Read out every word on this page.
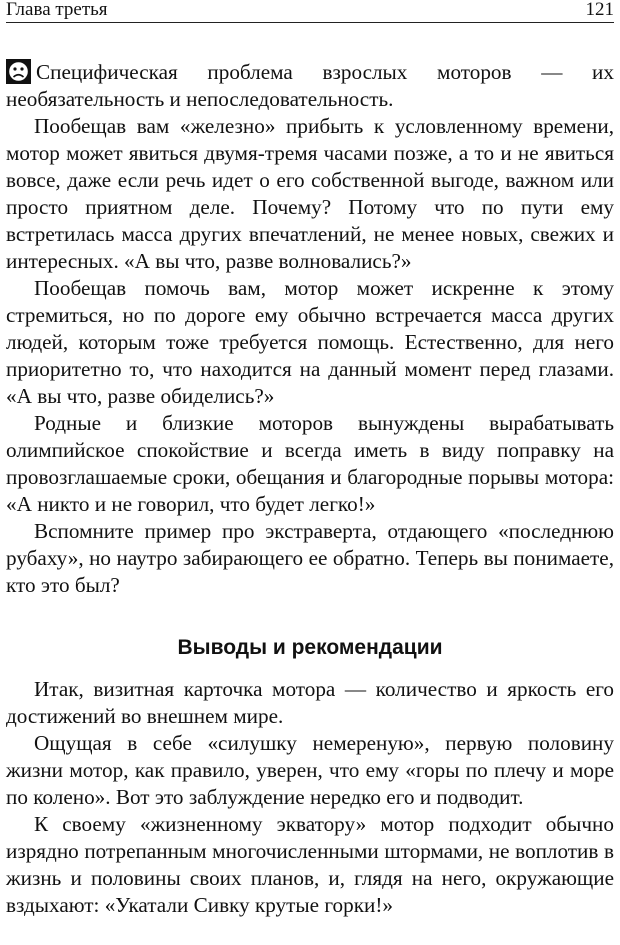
Глава третья	121

Специфическая проблема взрослых моторов — их необязательность и непоследовательность.

Пообещав вам «железно» прибыть к условленному времени, мотор может явиться двумя-тремя часами позже, а то и не явиться вовсе, даже если речь идет о его собственной выгоде, важном или просто приятном деле. Почему? Потому что по пути ему встретилась масса других впечатлений, не менее новых, свежих и интересных. «А вы что, разве волновались?»

Пообещав помочь вам, мотор может искренне к этому стремиться, но по дороге ему обычно встречается масса других людей, которым тоже требуется помощь. Естественно, для него приоритетно то, что находится на данный момент перед глазами. «А вы что, разве обиделись?»

Родные и близкие моторов вынуждены вырабатывать олимпийское спокойствие и всегда иметь в виду поправку на провозглашаемые сроки, обещания и благородные порывы мотора: «А никто и не говорил, что будет легко!»

Вспомните пример про экстраверта, отдающего «последнюю рубаху», но наутро забирающего ее обратно. Теперь вы понимаете, кто это был?

Выводы и рекомендации

Итак, визитная карточка мотора — количество и яркость его достижений во внешнем мире.

Ощущая в себе «силушку немереную», первую половину жизни мотор, как правило, уверен, что ему «горы по плечу и море по колено». Вот это заблуждение нередко его и подводит.

К своему «жизненному экватору» мотор подходит обычно изрядно потрепанным многочисленными штормами, не воплотив в жизнь и половины своих планов, и, глядя на него, окружающие вздыхают: «Укатали Сивку крутые горки!»
